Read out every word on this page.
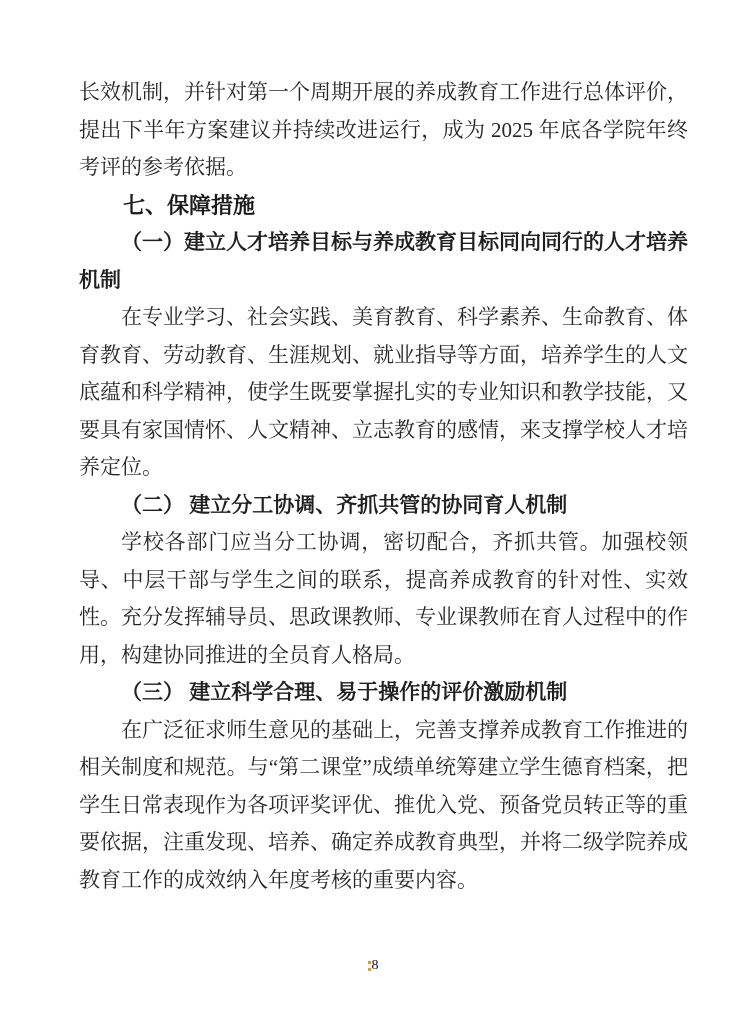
长效机制，并针对第一个周期开展的养成教育工作进行总体评价，提出下半年方案建议并持续改进运行，成为 2025 年底各学院年终考评的参考依据。

七、保障措施

（一）建立人才培养目标与养成教育目标同向同行的人才培养机制

在专业学习、社会实践、美育教育、科学素养、生命教育、体育教育、劳动教育、生涯规划、就业指导等方面，培养学生的人文底蕴和科学精神，使学生既要掌握扎实的专业知识和教学技能，又要具有家国情怀、人文精神、立志教育的感情，来支撑学校人才培养定位。

（二） 建立分工协调、齐抓共管的协同育人机制

学校各部门应当分工协调，密切配合，齐抓共管。加强校领导、中层干部与学生之间的联系，提高养成教育的针对性、实效性。充分发挥辅导员、思政课教师、专业课教师在育人过程中的作用，构建协同推进的全员育人格局。

（三） 建立科学合理、易于操作的评价激励机制

在广泛征求师生意见的基础上，完善支撑养成教育工作推进的相关制度和规范。与“第二课堂”成绩单统筹建立学生德育档案，把学生日常表现作为各项评奖评优、推优入党、预备党员转正等的重要依据，注重发现、培养、确定养成教育典型，并将二级学院养成教育工作的成效纳入年度考核的重要内容。

8
